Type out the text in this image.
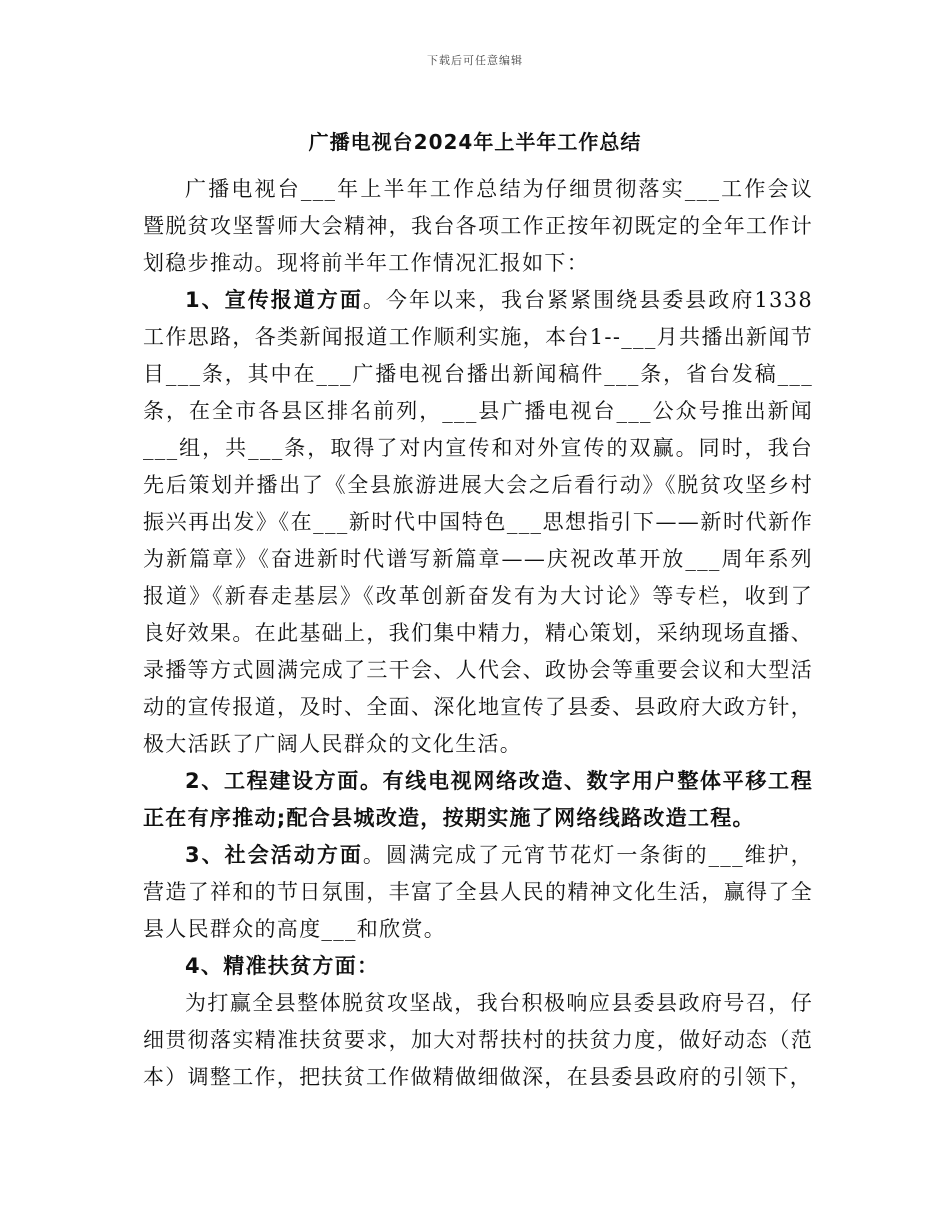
下载后可任意编辑
广播电视台2024年上半年工作总结

广播电视台___年上半年工作总结为仔细贯彻落实___工作会议暨脱贫攻坚誓师大会精神，我台各项工作正按年初既定的全年工作计划稳步推动。现将前半年工作情况汇报如下：

1、宣传报道方面。今年以来，我台紧紧围绕县委县政府1338工作思路，各类新闻报道工作顺利实施，本台1--___月共播出新闻节目___条，其中在___广播电视台播出新闻稿件___条，省台发稿___条，在全市各县区排名前列，___县广播电视台___公众号推出新闻___组，共___条，取得了对内宣传和对外宣传的双赢。同时，我台先后策划并播出了《全县旅游进展大会之后看行动》《脱贫攻坚乡村振兴再出发》《在___新时代中国特色___思想指引下——新时代新作为新篇章》《奋进新时代谱写新篇章——庆祝改革开放___周年系列报道》《新春走基层》《改革创新奋发有为大讨论》等专栏，收到了良好效果。在此基础上，我们集中精力，精心策划，采纳现场直播、录播等方式圆满完成了三干会、人代会、政协会等重要会议和大型活动的宣传报道，及时、全面、深化地宣传了县委、县政府大政方针，极大活跃了广阔人民群众的文化生活。

2、工程建设方面。有线电视网络改造、数字用户整体平移工程正在有序推动;配合县城改造，按期实施了网络线路改造工程。

3、社会活动方面。圆满完成了元宵节花灯一条街的___维护，营造了祥和的节日氛围，丰富了全县人民的精神文化生活，赢得了全县人民群众的高度___和欣赏。

4、精准扶贫方面：

为打赢全县整体脱贫攻坚战，我台积极响应县委县政府号召，仔细贯彻落实精准扶贫要求，加大对帮扶村的扶贫力度，做好动态（范本）调整工作，把扶贫工作做精做细做深，在县委县政府的引领下，
